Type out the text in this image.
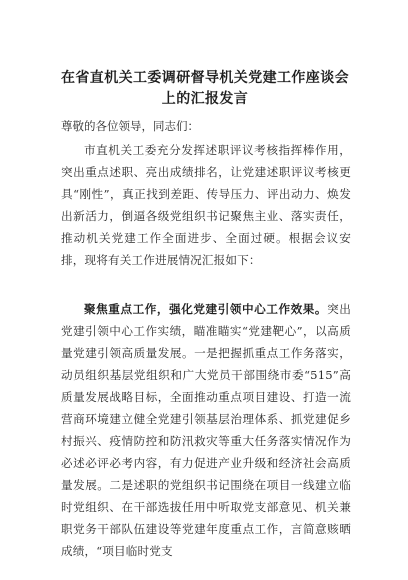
在省直机关工委调研督导机关党建工作座谈会上的汇报发言
尊敬的各位领导，同志们：
市直机关工委充分发挥述职评议考核指挥棒作用，突出重点述职、亮出成绩排名，让党建述职评议考核更具“刚性”，真正找到差距、传导压力、评出动力、焕发出新活力，倒逼各级党组织书记聚焦主业、落实责任，推动机关党建工作全面进步、全面过硬。根据会议安排，现将有关工作进展情况汇报如下：
聚焦重点工作，强化党建引领中心工作效果。突出党建引领中心工作实绩，瞄准瞄实“党建靶心”，以高质量党建引领高质量发展。一是把握抓重点工作务落实，动员组织基层党组织和广大党员干部围绕市委“515”高质量发展战略目标，全面推动重点项目建设、打造一流营商环境建立健全党建引领基层治理体系、抓党建促乡村振兴、疫情防控和防汛救灾等重大任务落实情况作为必述必评必考内容，有力促进产业升级和经济社会高质量发展。二是述职的党组织书记围绕在项目一线建立临时党组织、在干部选拔任用中听取党支部意见、机关兼职党务干部队伍建设等党建年度重点工作，言简意赅晒成绩，“项目临时党支
